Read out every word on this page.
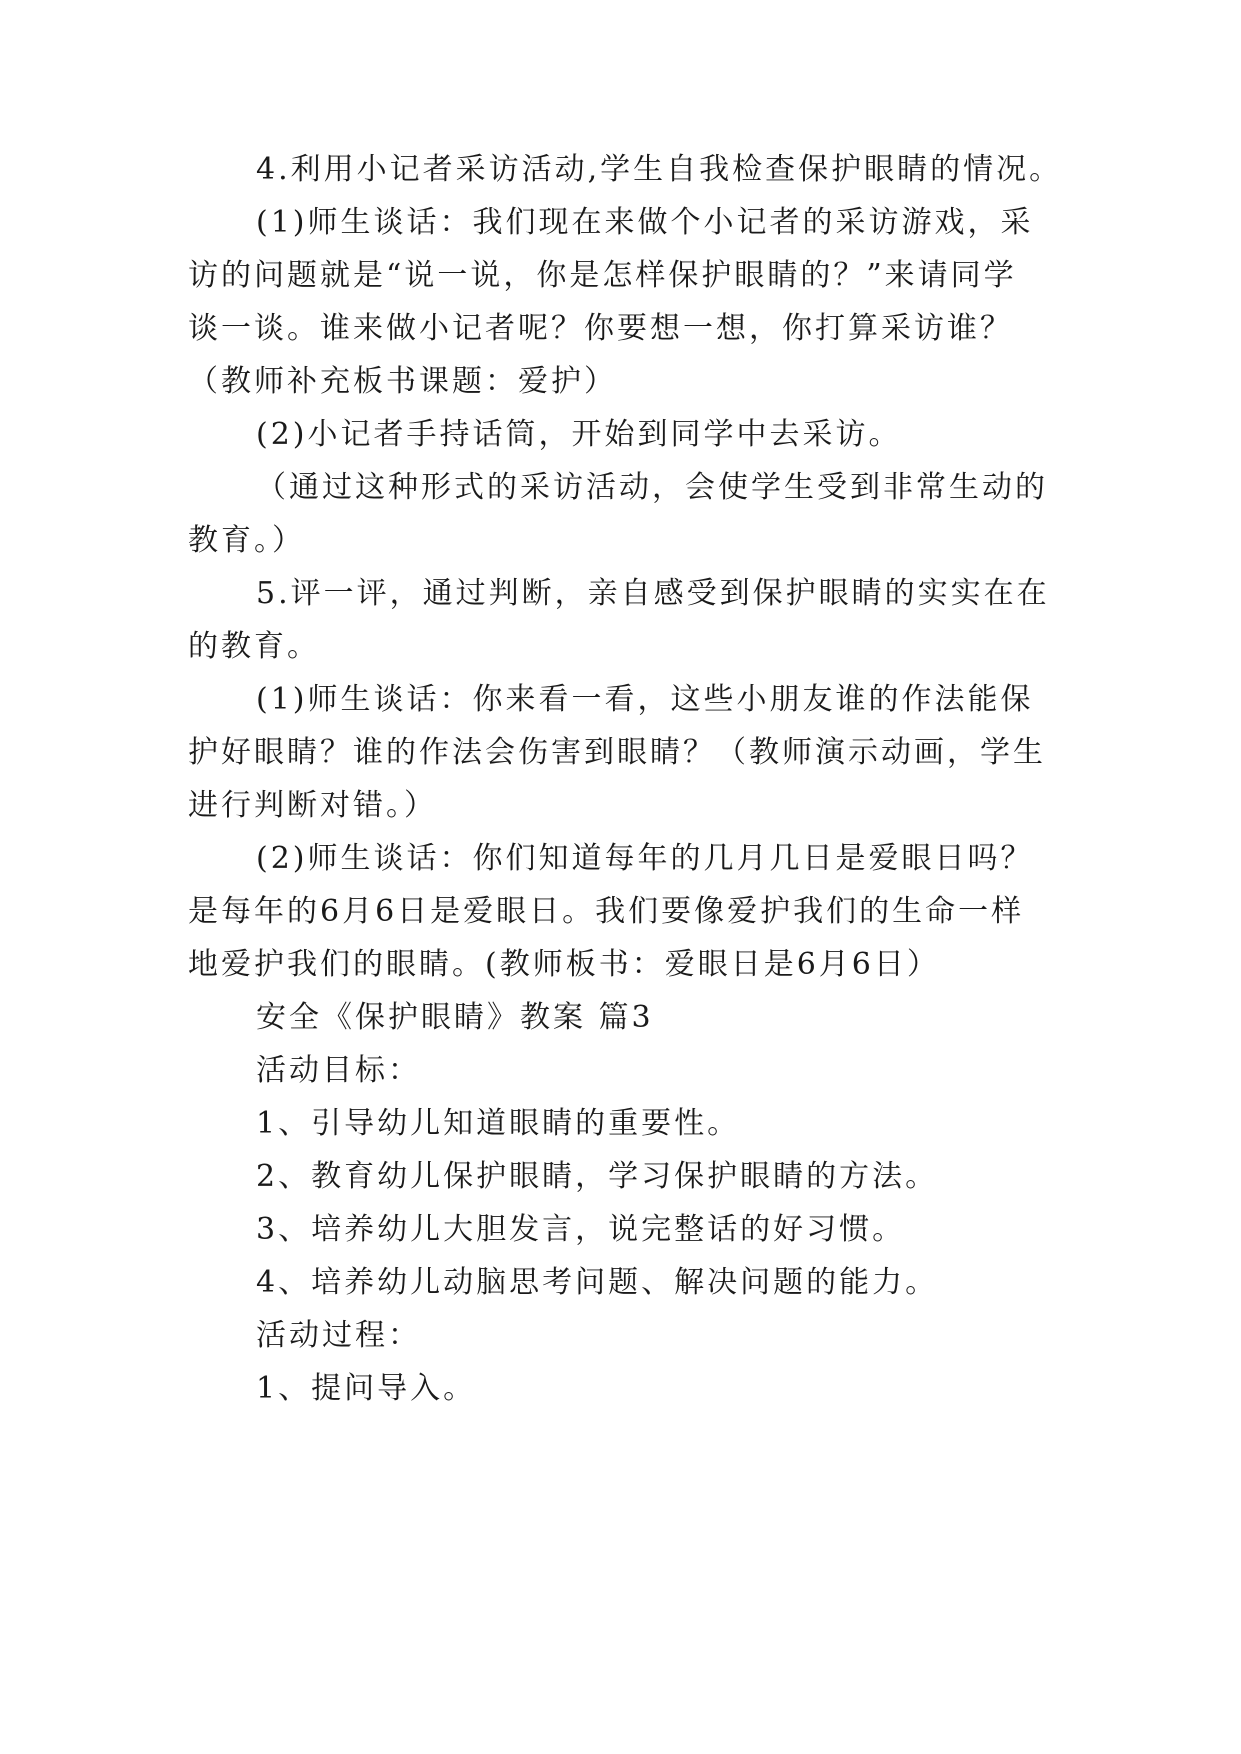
4.利用小记者采访活动,学生自我检查保护眼睛的情况。
(1)师生谈话：我们现在来做个小记者的采访游戏，采
访的问题就是“说一说，你是怎样保护眼睛的？”来请同学
谈一谈。谁来做小记者呢？你要想一想，你打算采访谁？
（教师补充板书课题：爱护）
(2)小记者手持话筒，开始到同学中去采访。
（通过这种形式的采访活动，会使学生受到非常生动的
教育。）
5.评一评，通过判断，亲自感受到保护眼睛的实实在在
的教育。
(1)师生谈话：你来看一看，这些小朋友谁的作法能保
护好眼睛？谁的作法会伤害到眼睛？（教师演示动画，学生
进行判断对错。）
(2)师生谈话：你们知道每年的几月几日是爱眼日吗？
是每年的6月6日是爱眼日。我们要像爱护我们的生命一样
地爱护我们的眼睛。(教师板书：爱眼日是6月6日）
安全《保护眼睛》教案 篇3
活动目标：
1、引导幼儿知道眼睛的重要性。
2、教育幼儿保护眼睛，学习保护眼睛的方法。
3、培养幼儿大胆发言，说完整话的好习惯。
4、培养幼儿动脑思考问题、解决问题的能力。
活动过程：
1、提问导入。
